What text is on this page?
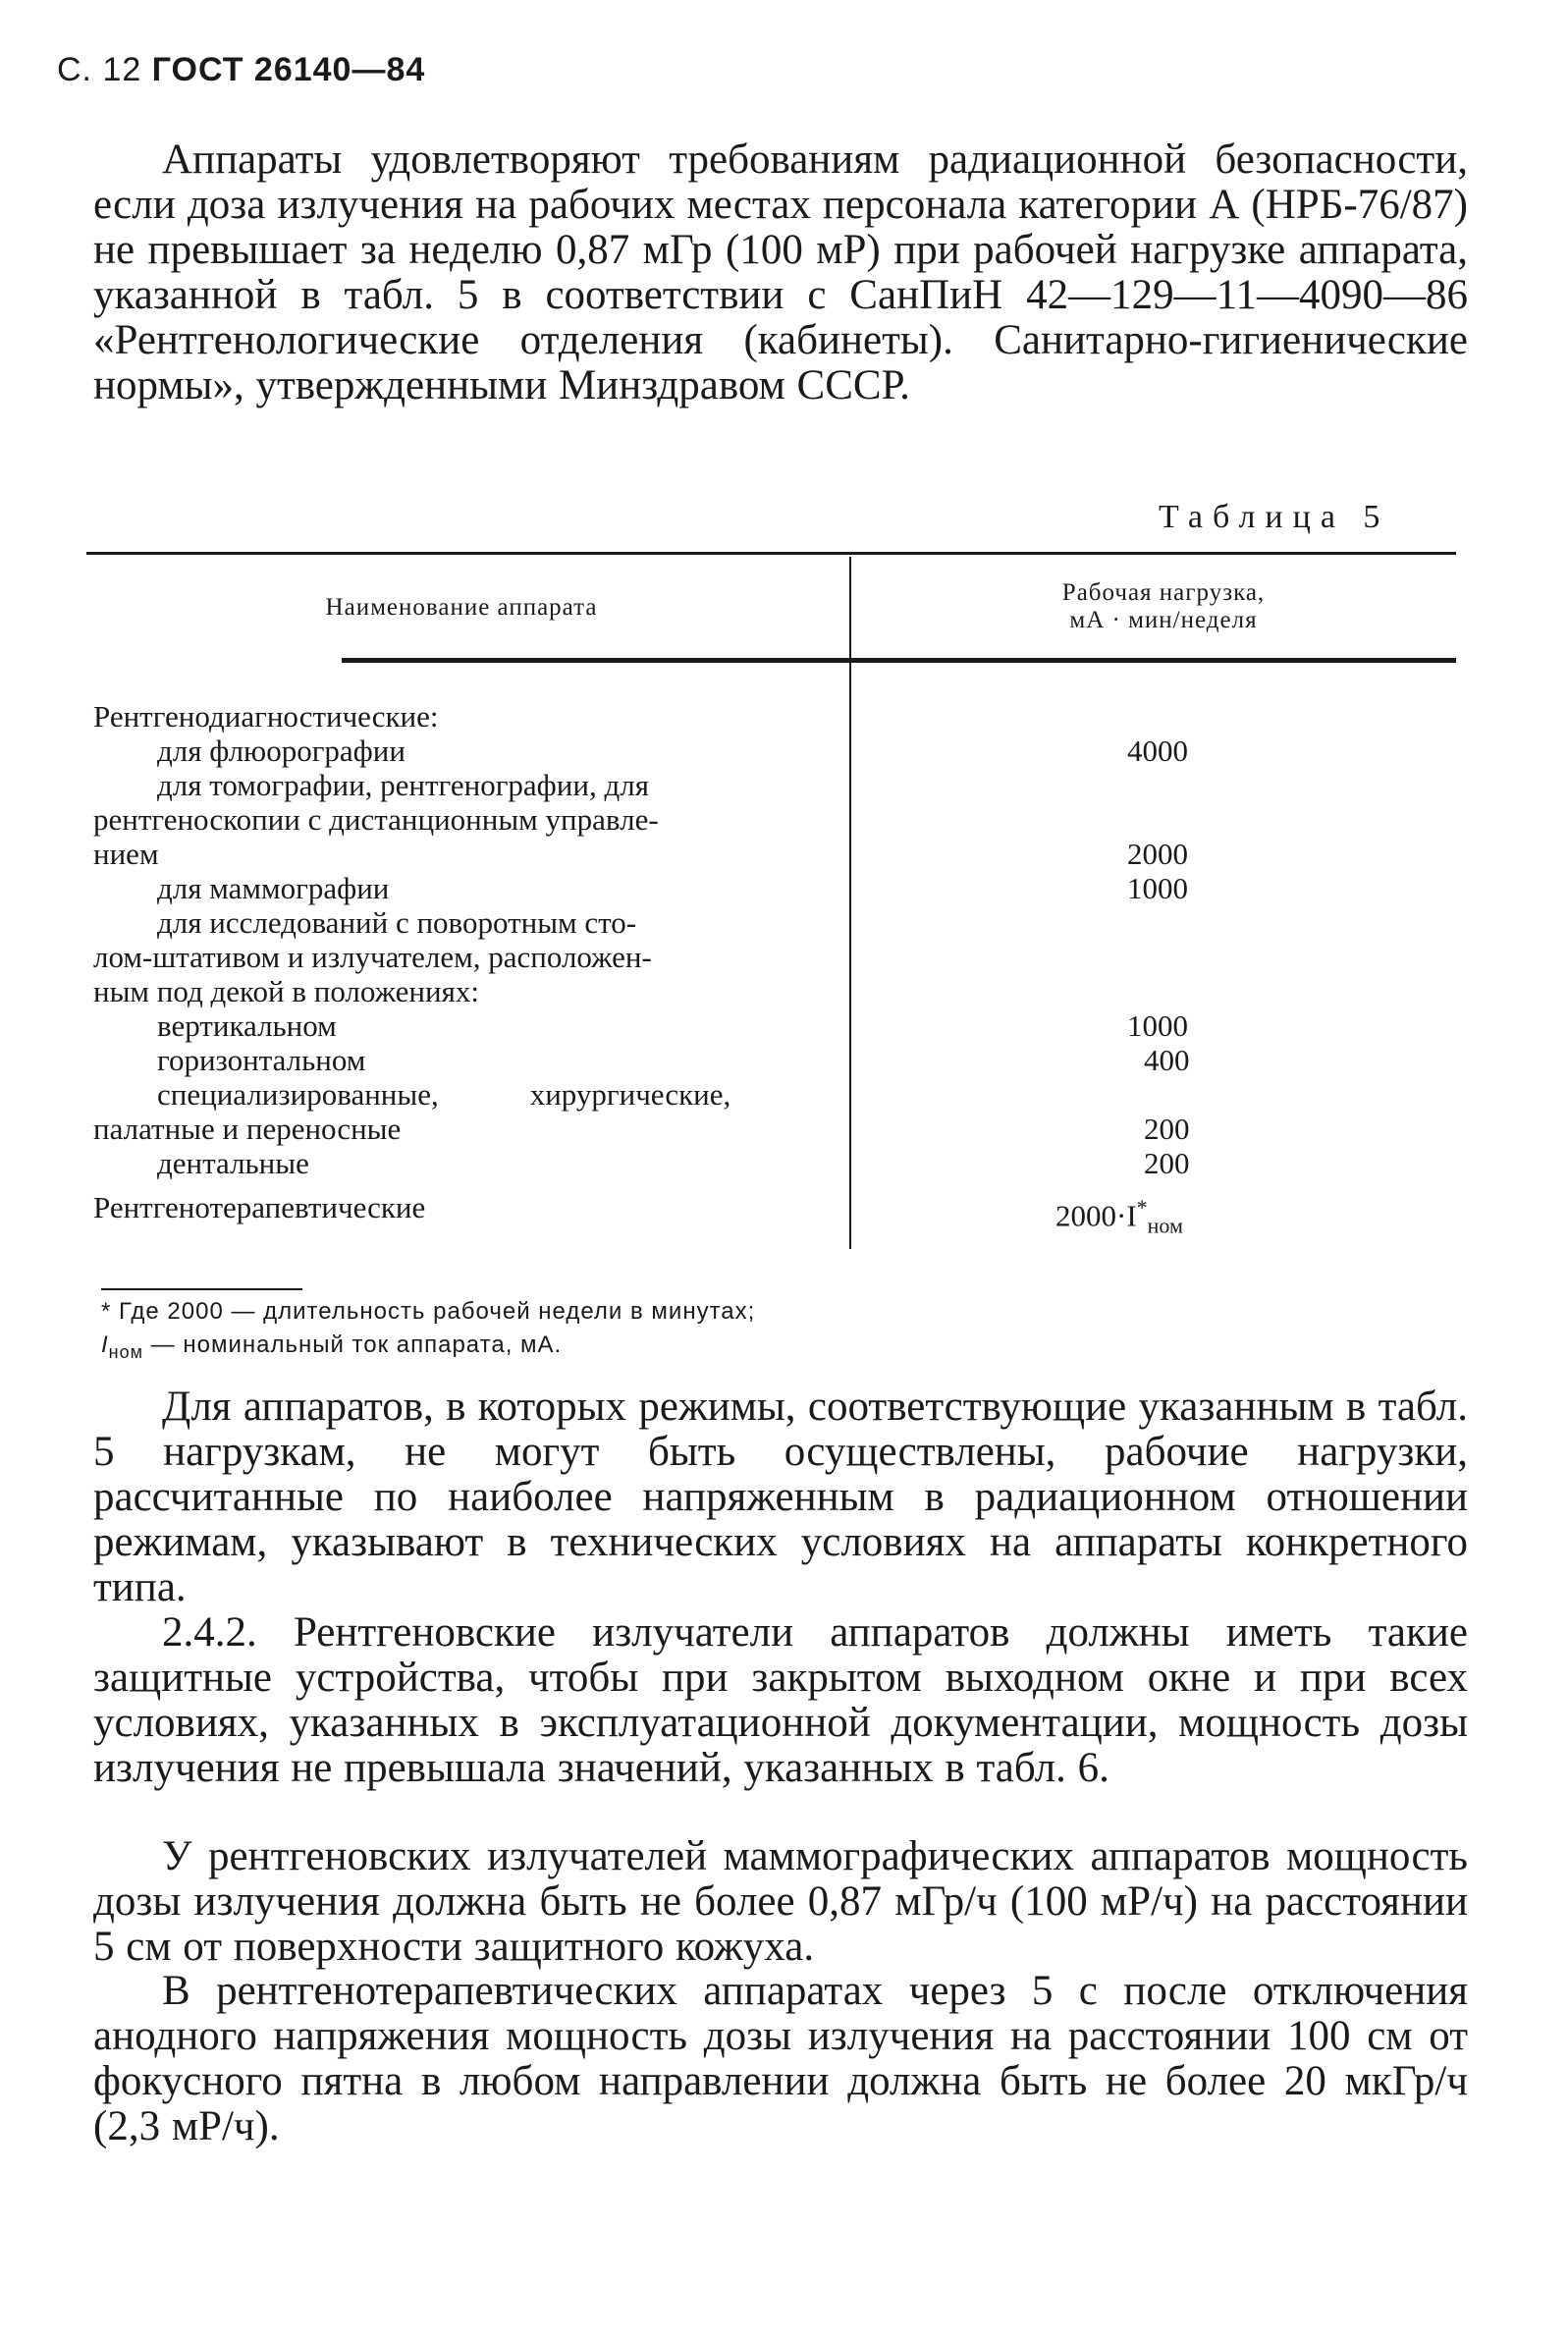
С. 12 ГОСТ 26140—84
Аппараты удовлетворяют требованиям радиационной безопасности, если доза излучения на рабочих местах персонала категории А (НРБ-76/87) не превышает за неделю 0,87 мГр (100 мР) при рабочей нагрузке аппарата, указанной в табл. 5 в соответствии с СанПиН 42—129—11—4090—86 «Рентгенологические отделения (кабинеты). Санитарно-гигиенические нормы», утвержденными Минздравом СССР.
Таблица 5
Наименование аппарата
Рабочая нагрузка,
мА · мин/неделя
Рентгенодиагностические:
для флюорографии	4000
для томографии, рентгенографии, для
рентгеноскопии с дистанционным управле-
нием	2000
для маммографии	1000
для исследований с поворотным сто-
лом-штативом и излучателем, расположен-
ным под декой в положениях:
вертикальном	1000
горизонтальном	400
специализированные,            хирургические,
палатные и переносные	200
дентальные	200
Рентгенотерапевтические	$2000\cdot I^*_{ном}$
* Где 2000 — длительность рабочей недели в минутах;
$I_{ном}$ — номинальный ток аппарата, мА.
Для аппаратов, в которых режимы, соответствующие указанным в табл. 5 нагрузкам, не могут быть осуществлены, рабочие нагрузки, рассчитанные по наиболее напряженным в радиационном отношении режимам, указывают в технических условиях на аппараты конкретного типа.
2.4.2. Рентгеновские излучатели аппаратов должны иметь такие защитные устройства, чтобы при закрытом выходном окне и при всех условиях, указанных в эксплуатационной документации, мощность дозы излучения не превышала значений, указанных в табл. 6.
У рентгеновских излучателей маммографических аппаратов мощность дозы излучения должна быть не более 0,87 мГр/ч (100 мР/ч) на расстоянии 5 см от поверхности защитного кожуха.
В рентгенотерапевтических аппаратах через 5 с после отключения анодного напряжения мощность дозы излучения на расстоянии 100 см от фокусного пятна в любом направлении должна быть не более 20 мкГр/ч (2,3 мР/ч).
